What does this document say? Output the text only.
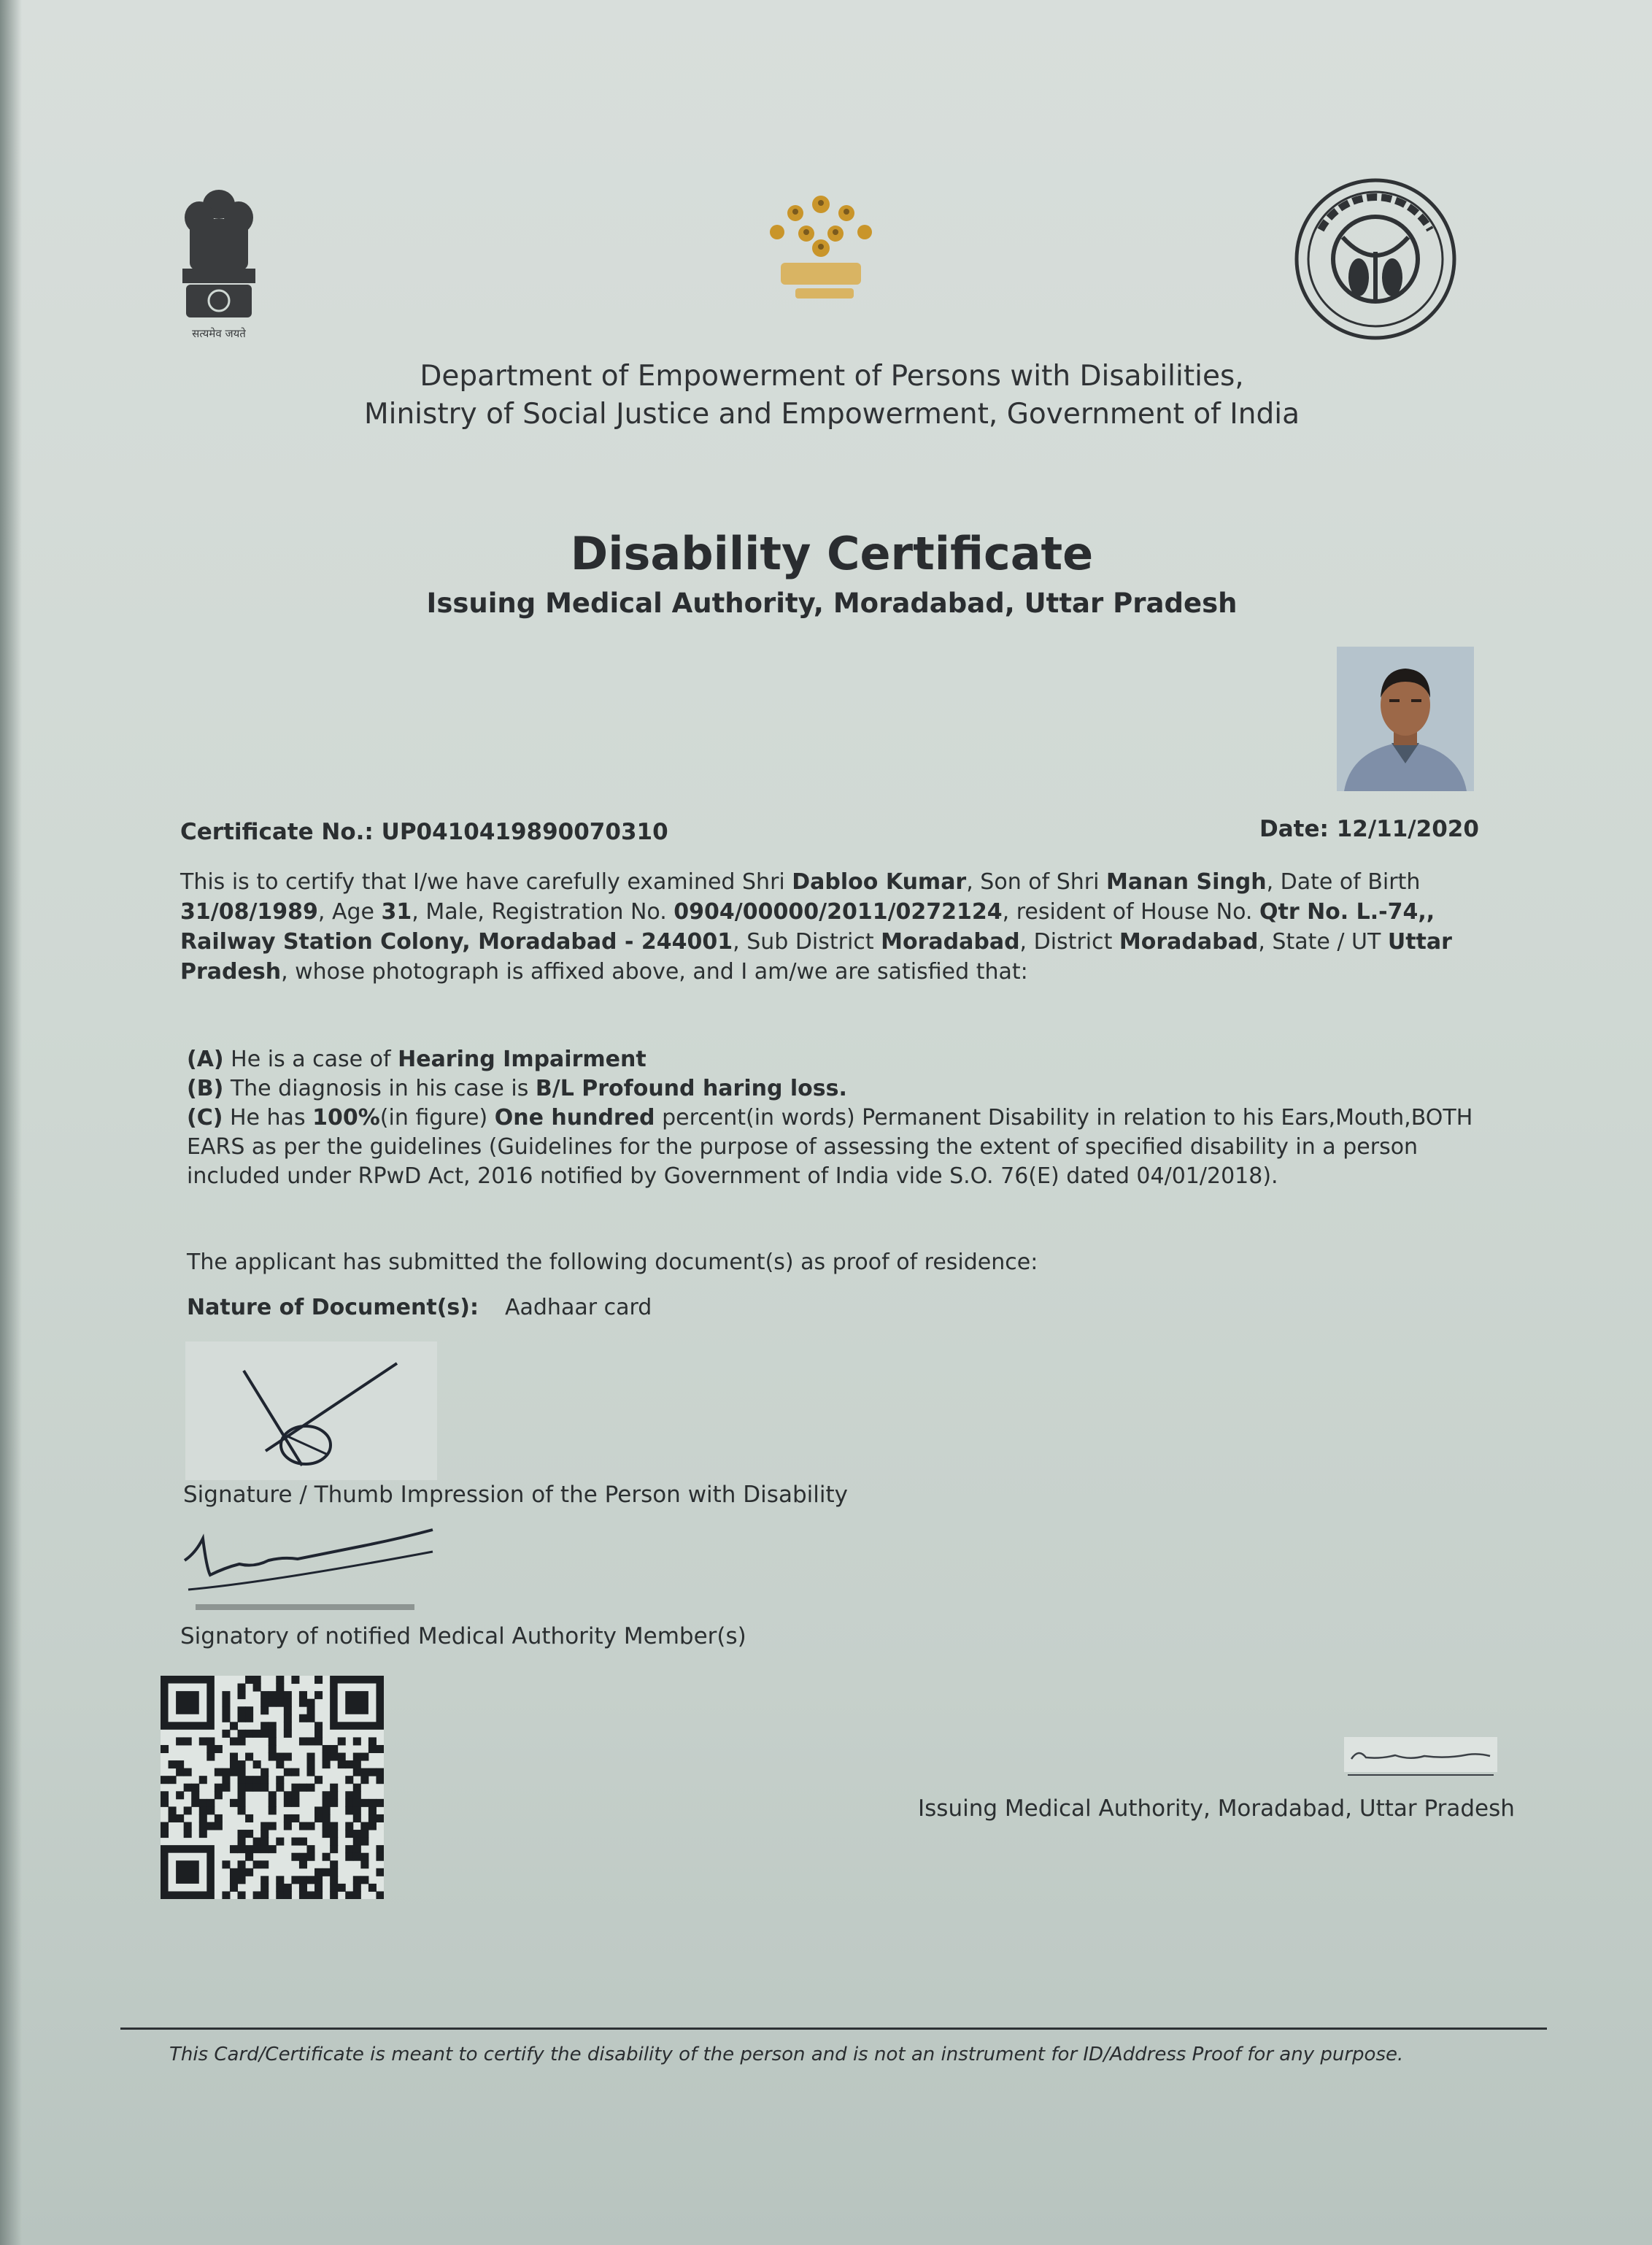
सत्यमेव जयते
Department of Empowerment of Persons with Disabilities,
Ministry of Social Justice and Empowerment, Government of India
Disability Certificate
Issuing Medical Authority, Moradabad, Uttar Pradesh
Certificate No.: UP0410419890070310	Date: 12/11/2020
This is to certify that I/we have carefully examined Shri Dabloo Kumar, Son of Shri Manan Singh, Date of Birth 31/08/1989, Age 31, Male, Registration No. 0904/00000/2011/0272124, resident of House No. Qtr No. L.-74,, Railway Station Colony, Moradabad - 244001, Sub District Moradabad, District Moradabad, State / UT Uttar Pradesh, whose photograph is affixed above, and I am/we are satisfied that:
(A) He is a case of Hearing Impairment
(B) The diagnosis in his case is B/L Profound haring loss.
(C) He has 100%(in figure) One hundred percent(in words) Permanent Disability in relation to his Ears,Mouth,BOTH EARS as per the guidelines (Guidelines for the purpose of assessing the extent of specified disability in a person included under RPwD Act, 2016 notified by Government of India vide S.O. 76(E) dated 04/01/2018).
The applicant has submitted the following document(s) as proof of residence:
Nature of Document(s): Aadhaar card
Signature / Thumb Impression of the Person with Disability
Signatory of notified Medical Authority Member(s)
Issuing Medical Authority, Moradabad, Uttar Pradesh
This Card/Certificate is meant to certify the disability of the person and is not an instrument for ID/Address Proof for any purpose.
